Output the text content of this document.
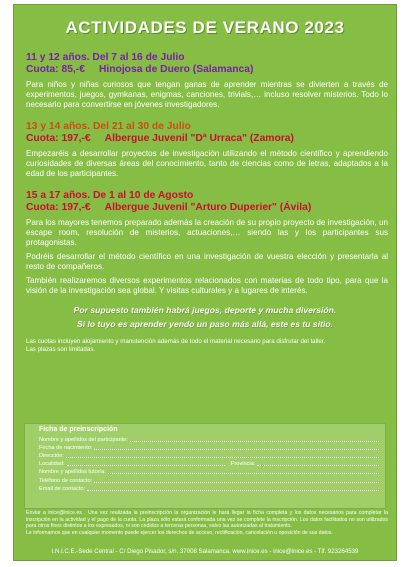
ACTIVIDADES DE VERANO 2023
11 y 12 años. Del 7 al 16 de Julio
Cuota: 85,-€ Hinojosa de Duero (Salamanca)
Para niños y niñas curiosos que tengan ganas de aprender mientras se divierten a través de experimentos, juegos, gymkanas, enigmas, canciones, trivials,… incluso resolver misterios. Todo lo necesario para convertirse en jóvenes investigadores.
13 y 14 años. Del 21 al 30 de Julio
Cuota: 197,-€ Albergue Juvenil "Dª Urraca" (Zamora)
Empezaréis a desarrollar proyectos de investigación utilizando el método científico y aprendiendo curiosidades de diversas áreas del conocimiento, tanto de ciencias como de letras, adaptados a la edad de los participantes.
15 a 17 años. De 1 al 10 de Agosto
Cuota: 197,-€ Albergue Juvenil "Arturo Duperier" (Ávila)
Para los mayores tenemos preparado además la creación de su propio proyecto de investigación, un escape room, resolución de misterios, actuaciones,… siendo las y los participantes sus protagonistas.
Podréis desarrollar el método científico en una investigación de vuestra elección y presentarla al resto de compañeros.
También realizaremos diversos experimentos relacionados con materias de todo tipo, para que la visión de la investigación sea global. Y visitas culturales y a lugares de interés.
Por supuesto también habrá juegos, deporte y mucha diversión.
Si lo tuyo es aprender yendo un paso más allá, este es tu sitio.
Las cuotas incluyen alojamiento y manutención además de todo el material necesario para disfrutar del taller.
Las plazas son limitadas.
Ficha de preinscripción
Nombre y apellidos del participante:
Fecha de nacimiento:
Dirección:
Localidad:	Provincia:
Nombre y apellidos tutor/a:
Teléfono de contacto:
Email de contacto:
Enviar a inice@inice.es . Una vez realizada la preinscripción la organización le hará llegar la ficha completa y los datos necesarios para completar la inscripción en la actividad y el pago de la cuota. La plaza sólo estará conformada una vez se complete la inscripción. Los datos facilitados no son utilizados para otros fines distintos a los expresados, ni son cedidos a terceras personas, salvo las autorizadas al tratamiento.
Le informamos que en cualquier momento puede ejercer los derechos de acceso, rectificación, cancelación u oposición de sus datos.
I.N.I.C.E.-Sede Central - C/ Diego Pisador, s/n. 37008 Salamanca. www.inice.es - inice@inice.es - Tlf. 923264539
